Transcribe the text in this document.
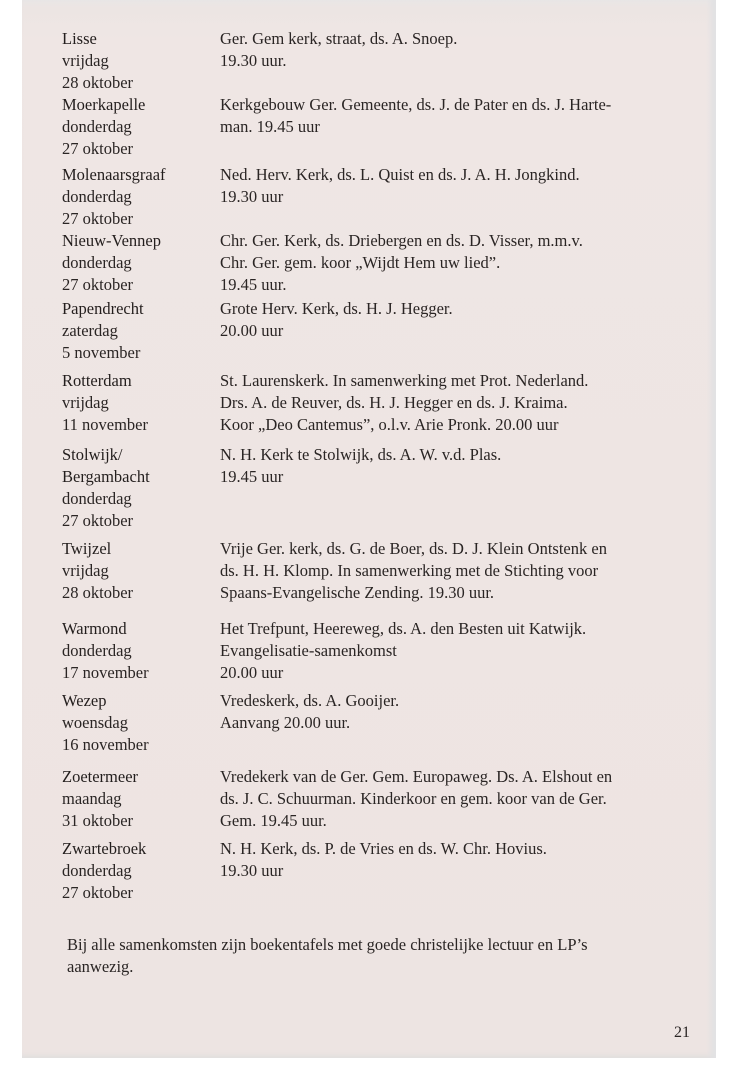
Lisse
vrijdag
28 oktober
Ger. Gem kerk, straat, ds. A. Snoep.
19.30 uur.
Moerkapelle
donderdag
27 oktober
Kerkgebouw Ger. Gemeente, ds. J. de Pater en ds. J. Harte-
man. 19.45 uur
Molenaarsgraaf
donderdag
27 oktober
Ned. Herv. Kerk, ds. L. Quist en ds. J. A. H. Jongkind.
19.30 uur
Nieuw-Vennep
donderdag
27 oktober
Chr. Ger. Kerk, ds. Driebergen en ds. D. Visser, m.m.v.
Chr. Ger. gem. koor „Wijdt Hem uw lied”.
19.45 uur.
Papendrecht
zaterdag
5 november
Grote Herv. Kerk, ds. H. J. Hegger.
20.00 uur
Rotterdam
vrijdag
11 november
St. Laurenskerk. In samenwerking met Prot. Nederland.
Drs. A. de Reuver, ds. H. J. Hegger en ds. J. Kraima.
Koor „Deo Cantemus”, o.l.v. Arie Pronk. 20.00 uur
Stolwijk/
Bergambacht
donderdag
27 oktober
N. H. Kerk te Stolwijk, ds. A. W. v.d. Plas.
19.45 uur
Twijzel
vrijdag
28 oktober
Vrije Ger. kerk, ds. G. de Boer, ds. D. J. Klein Ontstenk en
ds. H. H. Klomp. In samenwerking met de Stichting voor
Spaans-Evangelische Zending. 19.30 uur.
Warmond
donderdag
17 november
Het Trefpunt, Heereweg, ds. A. den Besten uit Katwijk.
Evangelisatie-samenkomst
20.00 uur
Wezep
woensdag
16 november
Vredeskerk, ds. A. Gooijer.
Aanvang 20.00 uur.
Zoetermeer
maandag
31 oktober
Vredekerk van de Ger. Gem. Europaweg. Ds. A. Elshout en
ds. J. C. Schuurman. Kinderkoor en gem. koor van de Ger.
Gem. 19.45 uur.
Zwartebroek
donderdag
27 oktober
N. H. Kerk, ds. P. de Vries en ds. W. Chr. Hovius.
19.30 uur
Bij alle samenkomsten zijn boekentafels met goede christelijke lectuur en LP’s
aanwezig.
21
